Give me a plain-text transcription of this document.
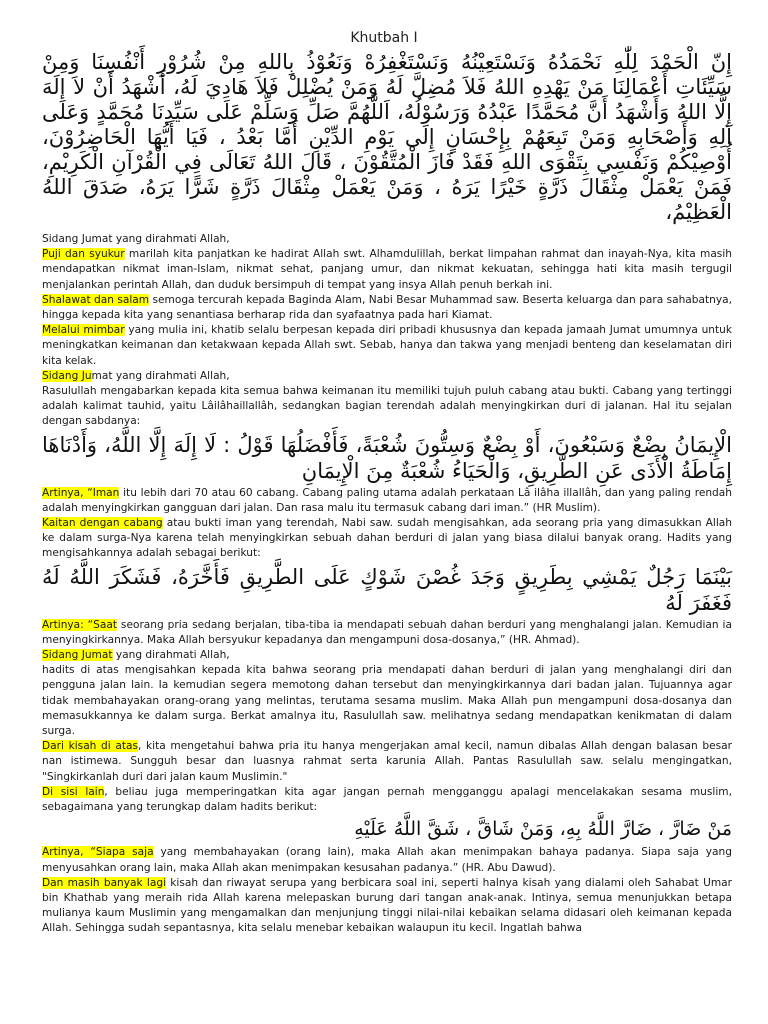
Khutbah I
إِنّ الْحَمْدَ لِلّٰهِ نَحْمَدُهُ وَنَسْتَعِيْنُهُ وَنَسْتَغْفِرُهْ وَنَعُوْذُ بِاللهِ مِنْ شُرُوْرِ أَنْفُسِنَا وَمِنْ سَيِّئَاتِ أَعْمَالِنَا مَنْ يَهْدِهِ اللهُ فَلاَ مُضِلَّ لَهُ وَمَنْ يُضْلِلْ فَلاَ هَادِيَ لَهُ، أَشْهَدُ أَنْ لاَ إِلَهَ إِلَّا اللهُ وَأَشْهَدُ أَنَّ مُحَمَّدًا عَبْدُهُ وَرَسُوْلُهُ، اَللَّهُمَّ صَلِّ وَسَلِّمْ عَلَى سَيِّدِنَا مُحَمَّدٍ وَعَلى آلِهِ وَأَصْحَابِهِ وَمَنْ تَبِعَهُمْ بِإِحْسَانٍ إِلَى يَوْمِ الدِّيْنِ أَمَّا بَعْدُ ، فَيَا أَيُّهَا الْحَاضِرُوْنَ، أُوْصِيْكُمْ وَنَفْسِي بِتَقْوَى اللهِ فَقَدْ فَازَ الْمُتَّقُوْنَ ، قَالَ اللهُ تَعَالَى فِي الْقُرْآنِ الْكَرِيْمِ، فَمَنْ يَعْمَلْ مِثْقَالَ ذَرَّةٍ خَيْرًا يَرَهُ ، وَمَنْ يَعْمَلْ مِثْقَالَ ذَرَّةٍ شَرًّا يَرَهُ، صَدَقَ اللهُ الْعَظِيْمُ،

Sidang Jumat yang dirahmati Allah,

Puji dan syukur marilah kita panjatkan ke hadirat Allah swt. Alhamdulillah, berkat limpahan rahmat dan inayah-Nya, kita masih mendapatkan nikmat iman-Islam, nikmat sehat, panjang umur, dan nikmat kekuatan, sehingga hati kita masih tergugil menjalankan perintah Allah, dan duduk bersimpuh di tempat yang insya Allah penuh berkah ini.

Shalawat dan salam semoga tercurah kepada Baginda Alam, Nabi Besar Muhammad saw. Beserta keluarga dan para sahabatnya, hingga kepada kita yang senantiasa berharap rida dan syafaatnya pada hari Kiamat.

Melalui mimbar yang mulia ini, khatib selalu berpesan kepada diri pribadi khususnya dan kepada jamaah Jumat umumnya untuk meningkatkan keimanan dan ketakwaan kepada Allah swt. Sebab, hanya dan takwa yang menjadi benteng dan keselamatan diri kita kelak.

Sidang Jumat yang dirahmati Allah,

Rasulullah mengabarkan kepada kita semua bahwa keimanan itu memiliki tujuh puluh cabang atau bukti. Cabang yang tertinggi adalah kalimat tauhid, yaitu Lâilâhaillallâh, sedangkan bagian terendah adalah menyingkirkan duri di jalanan. Hal itu sejalan dengan sabdanya:

الْإِيمَانُ بِضْعٌ وَسَبْعُونَ، أَوْ بِضْعٌ وَسِتُّونَ شُعْبَةً، فَأَفْضَلُهَا قَوْلُ : لَا إِلَهَ إِلَّا اللَّهُ، وَأَدْنَاهَا إِمَاطَةُ الْأَذَى عَنِ الطَّرِيقِ، وَالْحَيَاءُ شُعْبَةٌ مِنَ الْإِيمَانِ

Artinya, “Iman itu lebih dari 70 atau 60 cabang. Cabang paling utama adalah perkataan Lâ ilâha illallâh, dan yang paling rendah adalah menyingkirkan gangguan dari jalan. Dan rasa malu itu termasuk cabang dari iman.” (HR Muslim).

Kaitan dengan cabang atau bukti iman yang terendah, Nabi saw. sudah mengisahkan, ada seorang pria yang dimasukkan Allah ke dalam surga-Nya karena telah menyingkirkan sebuah dahan berduri di jalan yang biasa dilalui banyak orang. Hadits yang mengisahkannya adalah sebagai berikut:

بَيْنَمَا رَجُلٌ يَمْشِي بِطَرِيقٍ وَجَدَ غُصْنَ شَوْكٍ عَلَى الطَّرِيقِ فَأَخَّرَهُ، فَشَكَرَ اللَّهُ لَهُ فَغَفَرَ لَهُ

Artinya: “Saat seorang pria sedang berjalan, tiba-tiba ia mendapati sebuah dahan berduri yang menghalangi jalan. Kemudian ia menyingkirkannya. Maka Allah bersyukur kepadanya dan mengampuni dosa-dosanya,” (HR. Ahmad).

Sidang Jumat yang dirahmati Allah,

hadits di atas mengisahkan kepada kita bahwa seorang pria mendapati dahan berduri di jalan yang menghalangi diri dan pengguna jalan lain. Ia kemudian segera memotong dahan tersebut dan menyingkirkannya dari badan jalan. Tujuannya agar tidak membahayakan orang-orang yang melintas, terutama sesama muslim. Maka Allah pun mengampuni dosa-dosanya dan memasukkannya ke dalam surga. Berkat amalnya itu, Rasulullah saw. melihatnya sedang mendapatkan kenikmatan di dalam surga.

Dari kisah di atas, kita mengetahui bahwa pria itu hanya mengerjakan amal kecil, namun dibalas Allah dengan balasan besar nan istimewa. Sungguh besar dan luasnya rahmat serta karunia Allah. Pantas Rasulullah saw. selalu mengingatkan, "Singkirkanlah duri dari jalan kaum Muslimin."

Di sisi lain, beliau juga memperingatkan kita agar jangan pernah mengganggu apalagi mencelakakan sesama muslim, sebagaimana yang terungkap dalam hadits berikut:

مَنْ ضَارَّ ، ضَارَّ اللَّهُ بِهِ، وَمَنْ شَاقَّ ، شَقَّ اللَّهُ عَلَيْهِ

Artinya, “Siapa saja yang membahayakan (orang lain), maka Allah akan menimpakan bahaya padanya. Siapa saja yang menyusahkan orang lain, maka Allah akan menimpakan kesusahan padanya.” (HR. Abu Dawud).

Dan masih banyak lagi kisah dan riwayat serupa yang berbicara soal ini, seperti halnya kisah yang dialami oleh Sahabat Umar bin Khathab yang meraih rida Allah karena melepaskan burung dari tangan anak-anak. Intinya, semua menunjukkan betapa mulianya kaum Muslimin yang mengamalkan dan menjunjung tinggi nilai-nilai kebaikan selama didasari oleh keimanan kepada Allah. Sehingga sudah sepantasnya, kita selalu menebar kebaikan walaupun itu kecil. Ingatlah bahwa
